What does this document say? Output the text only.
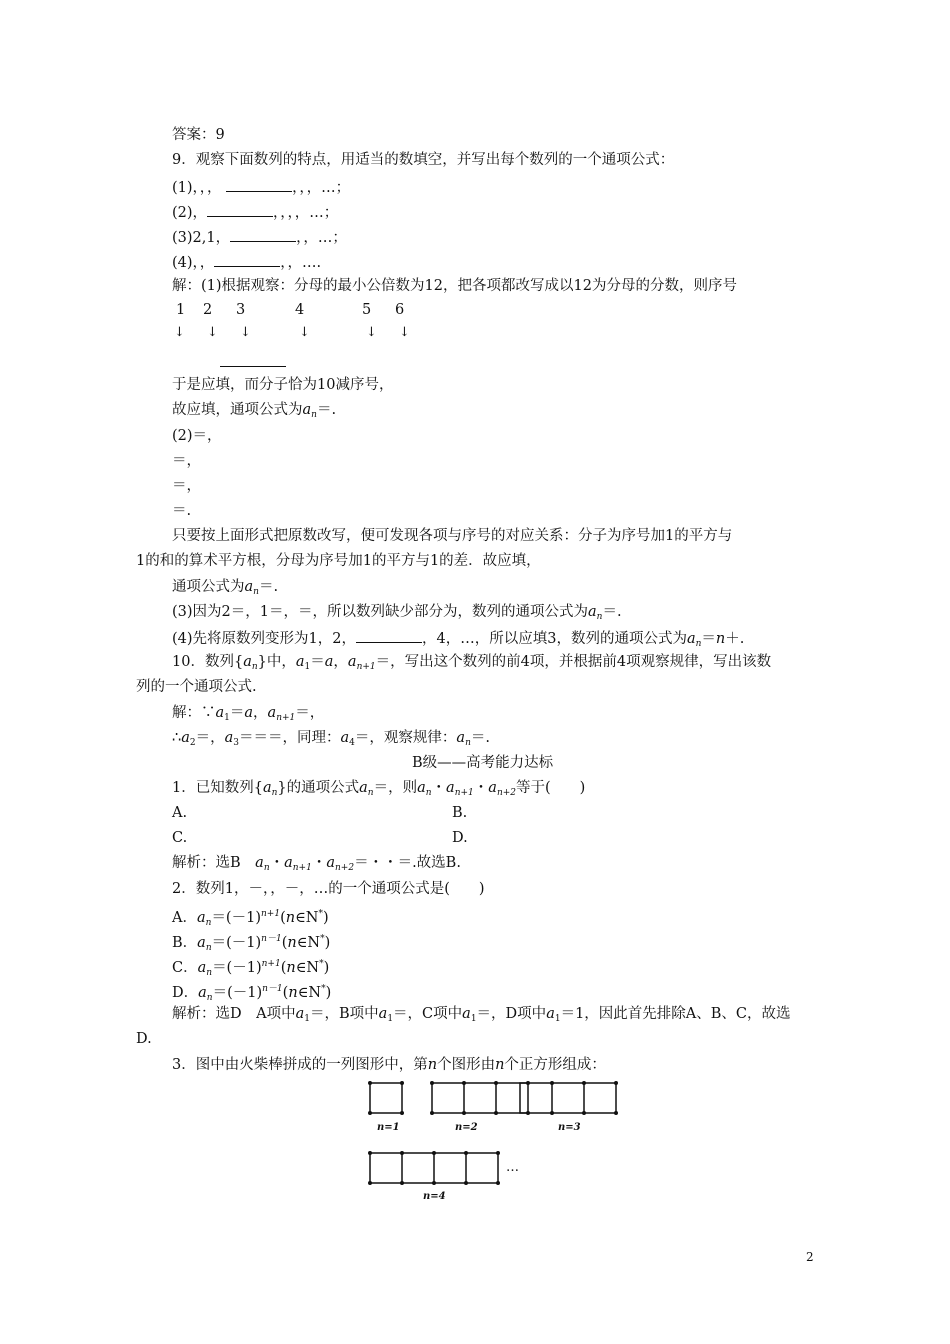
答案：9
9．观察下面数列的特点，用适当的数填空，并写出每个数列的一个通项公式：
(1)，，，	，，，…；
(2)，	，，，，…；
(3)2,1，	，，…；
(4)，，	，，….
解：(1)根据观察：分母的最小公倍数为12，把各项都改写成以12为分母的分数，则序号
1 2 3	4	5 6
↓ ↓ ↓	↓	↓ ↓
于是应填，而分子恰为10减序号，
故应填，通项公式为$a_n=$.
(2)＝，
＝，
＝，
＝.
只要按上面形式把原数改写，便可发现各项与序号的对应关系：分子为序号加1的平方与
1的和的算术平方根，分母为序号加1的平方与1的差．故应填，
通项公式为$a_n=$.
(3)因为2＝，1＝，＝，所以数列缺少部分为，数列的通项公式为$a_n=$.
(4)先将原数列变形为1，2，	，4，…，所以应填3，数列的通项公式为$a_n=n+$.
10．数列$\{a_n\}$中，$a_1=a$，$a_{n+1}=$，写出这个数列的前4项，并根据前4项观察规律，写出该数
列的一个通项公式.
解：$\because a_1=a$，$a_{n+1}=$，
$\therefore a_2=$，$a_3===$，同理：$a_4=$，观察规律：$a_n=$.
B级——高考能力达标
1．已知数列$\{a_n\}$的通项公式$a_n=$，则$a_n$・$a_{n+1}$・$a_{n+2}$等于(　　)
A.	B.
C.	D.
解析：选B　$a_n$・$a_{n+1}$・$a_{n+2}=$・・＝.故选B.
2．数列1，－，，－，…的一个通项公式是(　　)
A．$a_n=(-1)^{n+1}(n\in N^*)$
B．$a_n=(-1)^{n-1}(n\in N^*)$
C．$a_n=(-1)^{n+1}(n\in N^*)$
D．$a_n=(-1)^{n-1}(n\in N^*)$
解析：选D　A项中$a_1=$，B项中$a_1=$，C项中$a_1=$，D项中$a_1=1$，因此首先排除A、B、C，故选
D.
3．图中由火柴棒拼成的一列图形中，第n个图形由n个正方形组成：
n=1	n=2	n=3
n=4
…
2
